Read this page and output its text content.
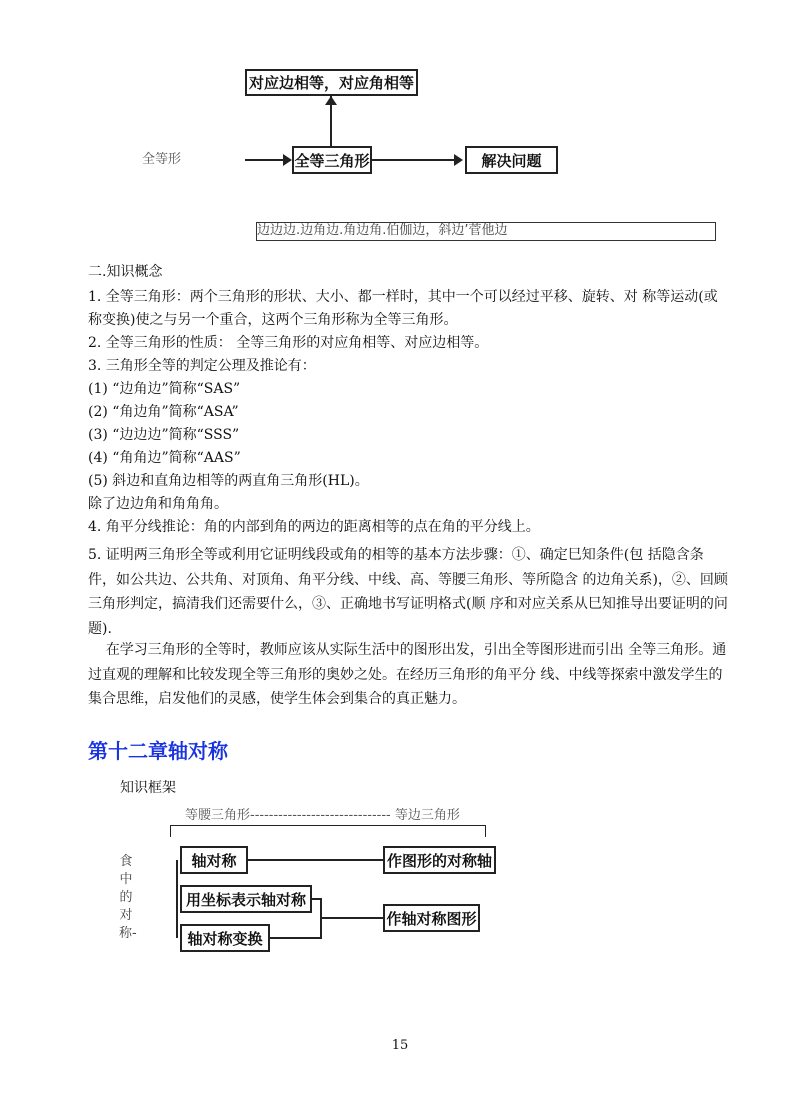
对应边相等，对应角相等
全等形	全等三角形	解决问题
边边边.边角边.角边角.伯伽边，斜边’菅他边
二.知识概念
1. 全等三角形：两个三角形的形状、大小、都一样时，其中一个可以经过平移、旋转、对 称等运动(或称变换)使之与另一个重合，这两个三角形称为全等三角形。
2. 全等三角形的性质： 全等三角形的对应角相等、对应边相等。
3. 三角形全等的判定公理及推论有：
(1) “边角边”简称“SAS”
(2) “角边角”简称“ASA”
(3) “边边边”简称“SSS”
(4) “角角边”简称“AAS”
(5) 斜边和直角边相等的两直角三角形(HL)。
除了边边角和角角角。
4. 角平分线推论：角的内部到角的两边的距离相等的点在角的平分线上。
5. 证明两三角形全等或利用它证明线段或角的相等的基本方法步骤：①、确定巳知条件(包 括隐含条件，如公共边、公共角、对顶角、角平分线、中线、高、等腰三角形、等所隐含 的边角关系)，②、回顾三角形判定，搞清我们还需要什么，③、正确地书写证明格式(顺 序和对应关系从巳知推导出要证明的问题).
在学习三角形的全等时，教师应该从实际生活中的图形出发，引出全等图形进而引出 全等三角形。通过直观的理解和比较发现全等三角形的奥妙之处。在经历三角形的角平分 线、中线等探索中激发学生的集合思维，启发他们的灵感，使学生体会到集合的真正魅力。
第十二章轴对称
知识框架
等腰三角形------------------------------ 等边三角形
食中的对称-
轴对称
用坐标表示轴对称
轴对称变换
作图形的对称轴
作轴对称图形
15
